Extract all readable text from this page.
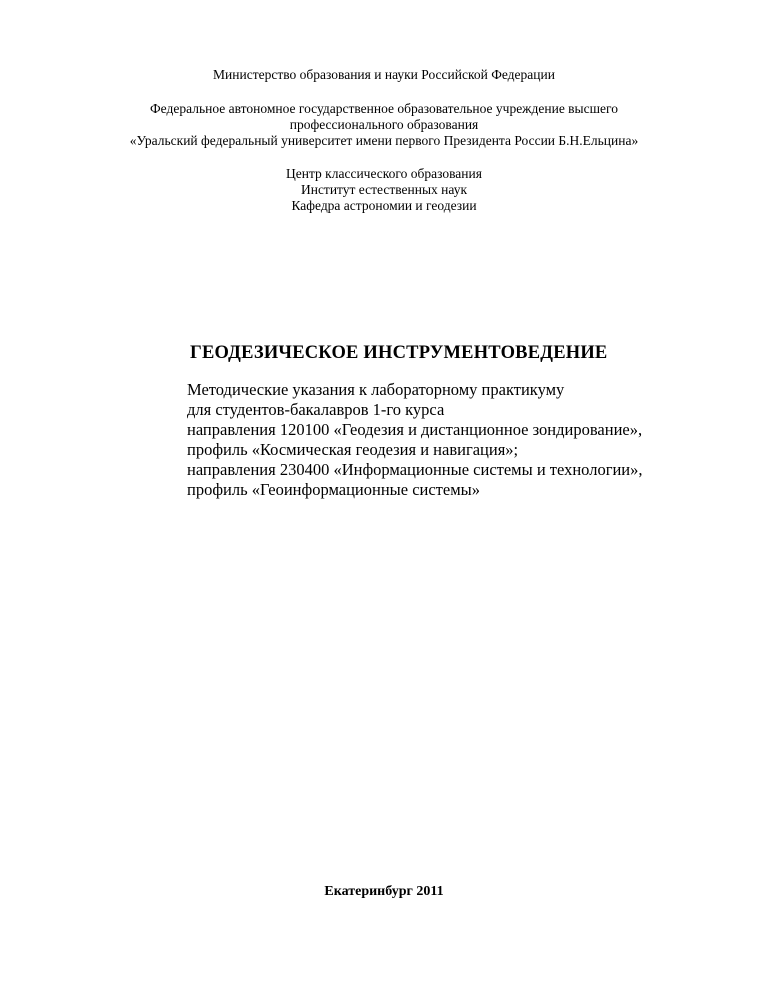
Министерство образования и науки Российской Федерации
Федеральное автономное государственное образовательное учреждение высшего
профессионального образования
«Уральский федеральный университет имени первого Президента России Б.Н.Ельцина»
Центр классического образования
Институт естественных наук
Кафедра астрономии и геодезии
ГЕОДЕЗИЧЕСКОЕ ИНСТРУМЕНТОВЕДЕНИЕ
Методические указания к лабораторному практикуму
для студентов-бакалавров 1-го курса
направления 120100 «Геодезия и дистанционное зондирование»,
профиль «Космическая геодезия и навигация»;
направления 230400 «Информационные системы и технологии»,
профиль «Геоинформационные системы»
Екатеринбург 2011
